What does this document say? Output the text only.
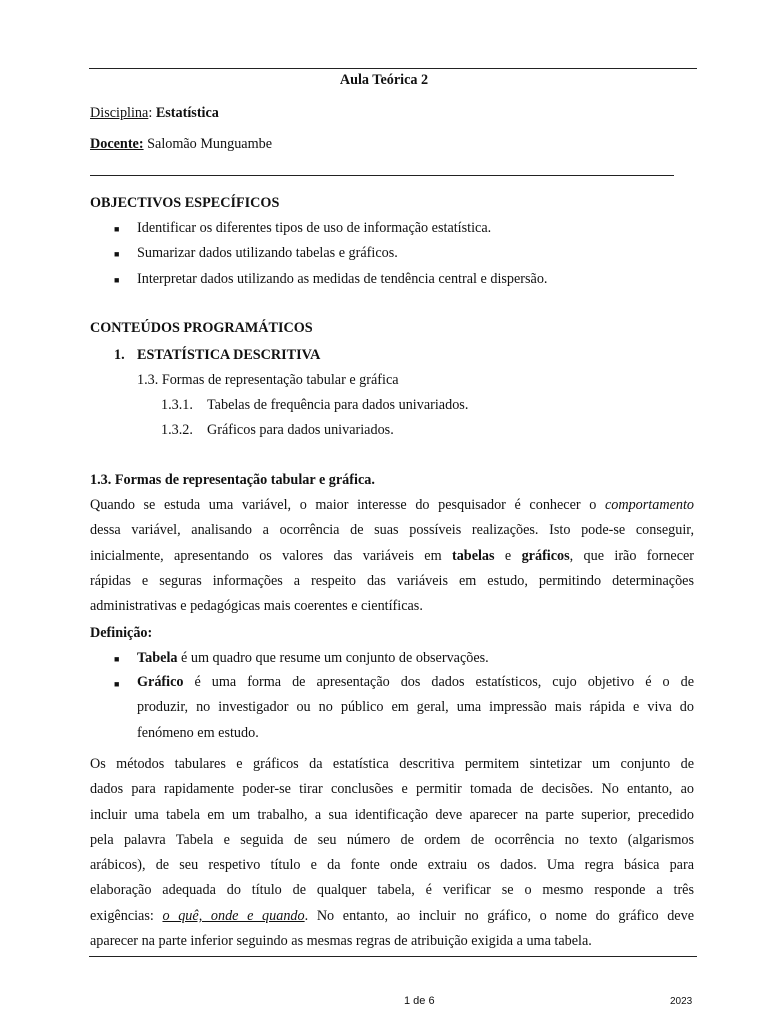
Aula Teórica 2
Disciplina: Estatística
Docente: Salomão Munguambe
OBJECTIVOS ESPECÍFICOS
■ Identificar os diferentes tipos de uso de informação estatística.
■ Sumarizar dados utilizando tabelas e gráficos.
■ Interpretar dados utilizando as medidas de tendência central e dispersão.
CONTEÚDOS PROGRAMÁTICOS
1. ESTATÍSTICA DESCRITIVA
1.3. Formas de representação tabular e gráfica
1.3.1. Tabelas de frequência para dados univariados.
1.3.2. Gráficos para dados univariados.
1.3. Formas de representação tabular e gráfica.
Quando se estuda uma variável, o maior interesse do pesquisador é conhecer o comportamento
dessa variável, analisando a ocorrência de suas possíveis realizações. Isto pode-se conseguir,
inicialmente, apresentando os valores das variáveis em tabelas e gráficos, que irão fornecer
rápidas e seguras informações a respeito das variáveis em estudo, permitindo determinações
administrativas e pedagógicas mais coerentes e científicas.
Definição:
■ Tabela é um quadro que resume um conjunto de observações.
■ Gráfico é uma forma de apresentação dos dados estatísticos, cujo objetivo é o de
produzir, no investigador ou no público em geral, uma impressão mais rápida e viva do
fenómeno em estudo.
Os métodos tabulares e gráficos da estatística descritiva permitem sintetizar um conjunto de
dados para rapidamente poder-se tirar conclusões e permitir tomada de decisões. No entanto, ao
incluir uma tabela em um trabalho, a sua identificação deve aparecer na parte superior, precedido
pela palavra Tabela e seguida de seu número de ordem de ocorrência no texto (algarismos
arábicos), de seu respetivo título e da fonte onde extraiu os dados. Uma regra básica para
elaboração adequada do título de qualquer tabela, é verificar se o mesmo responde a três
exigências: o quê, onde e quando. No entanto, ao incluir no gráfico, o nome do gráfico deve
aparecer na parte inferior seguindo as mesmas regras de atribuição exigida a uma tabela.
1 de 6	2023
